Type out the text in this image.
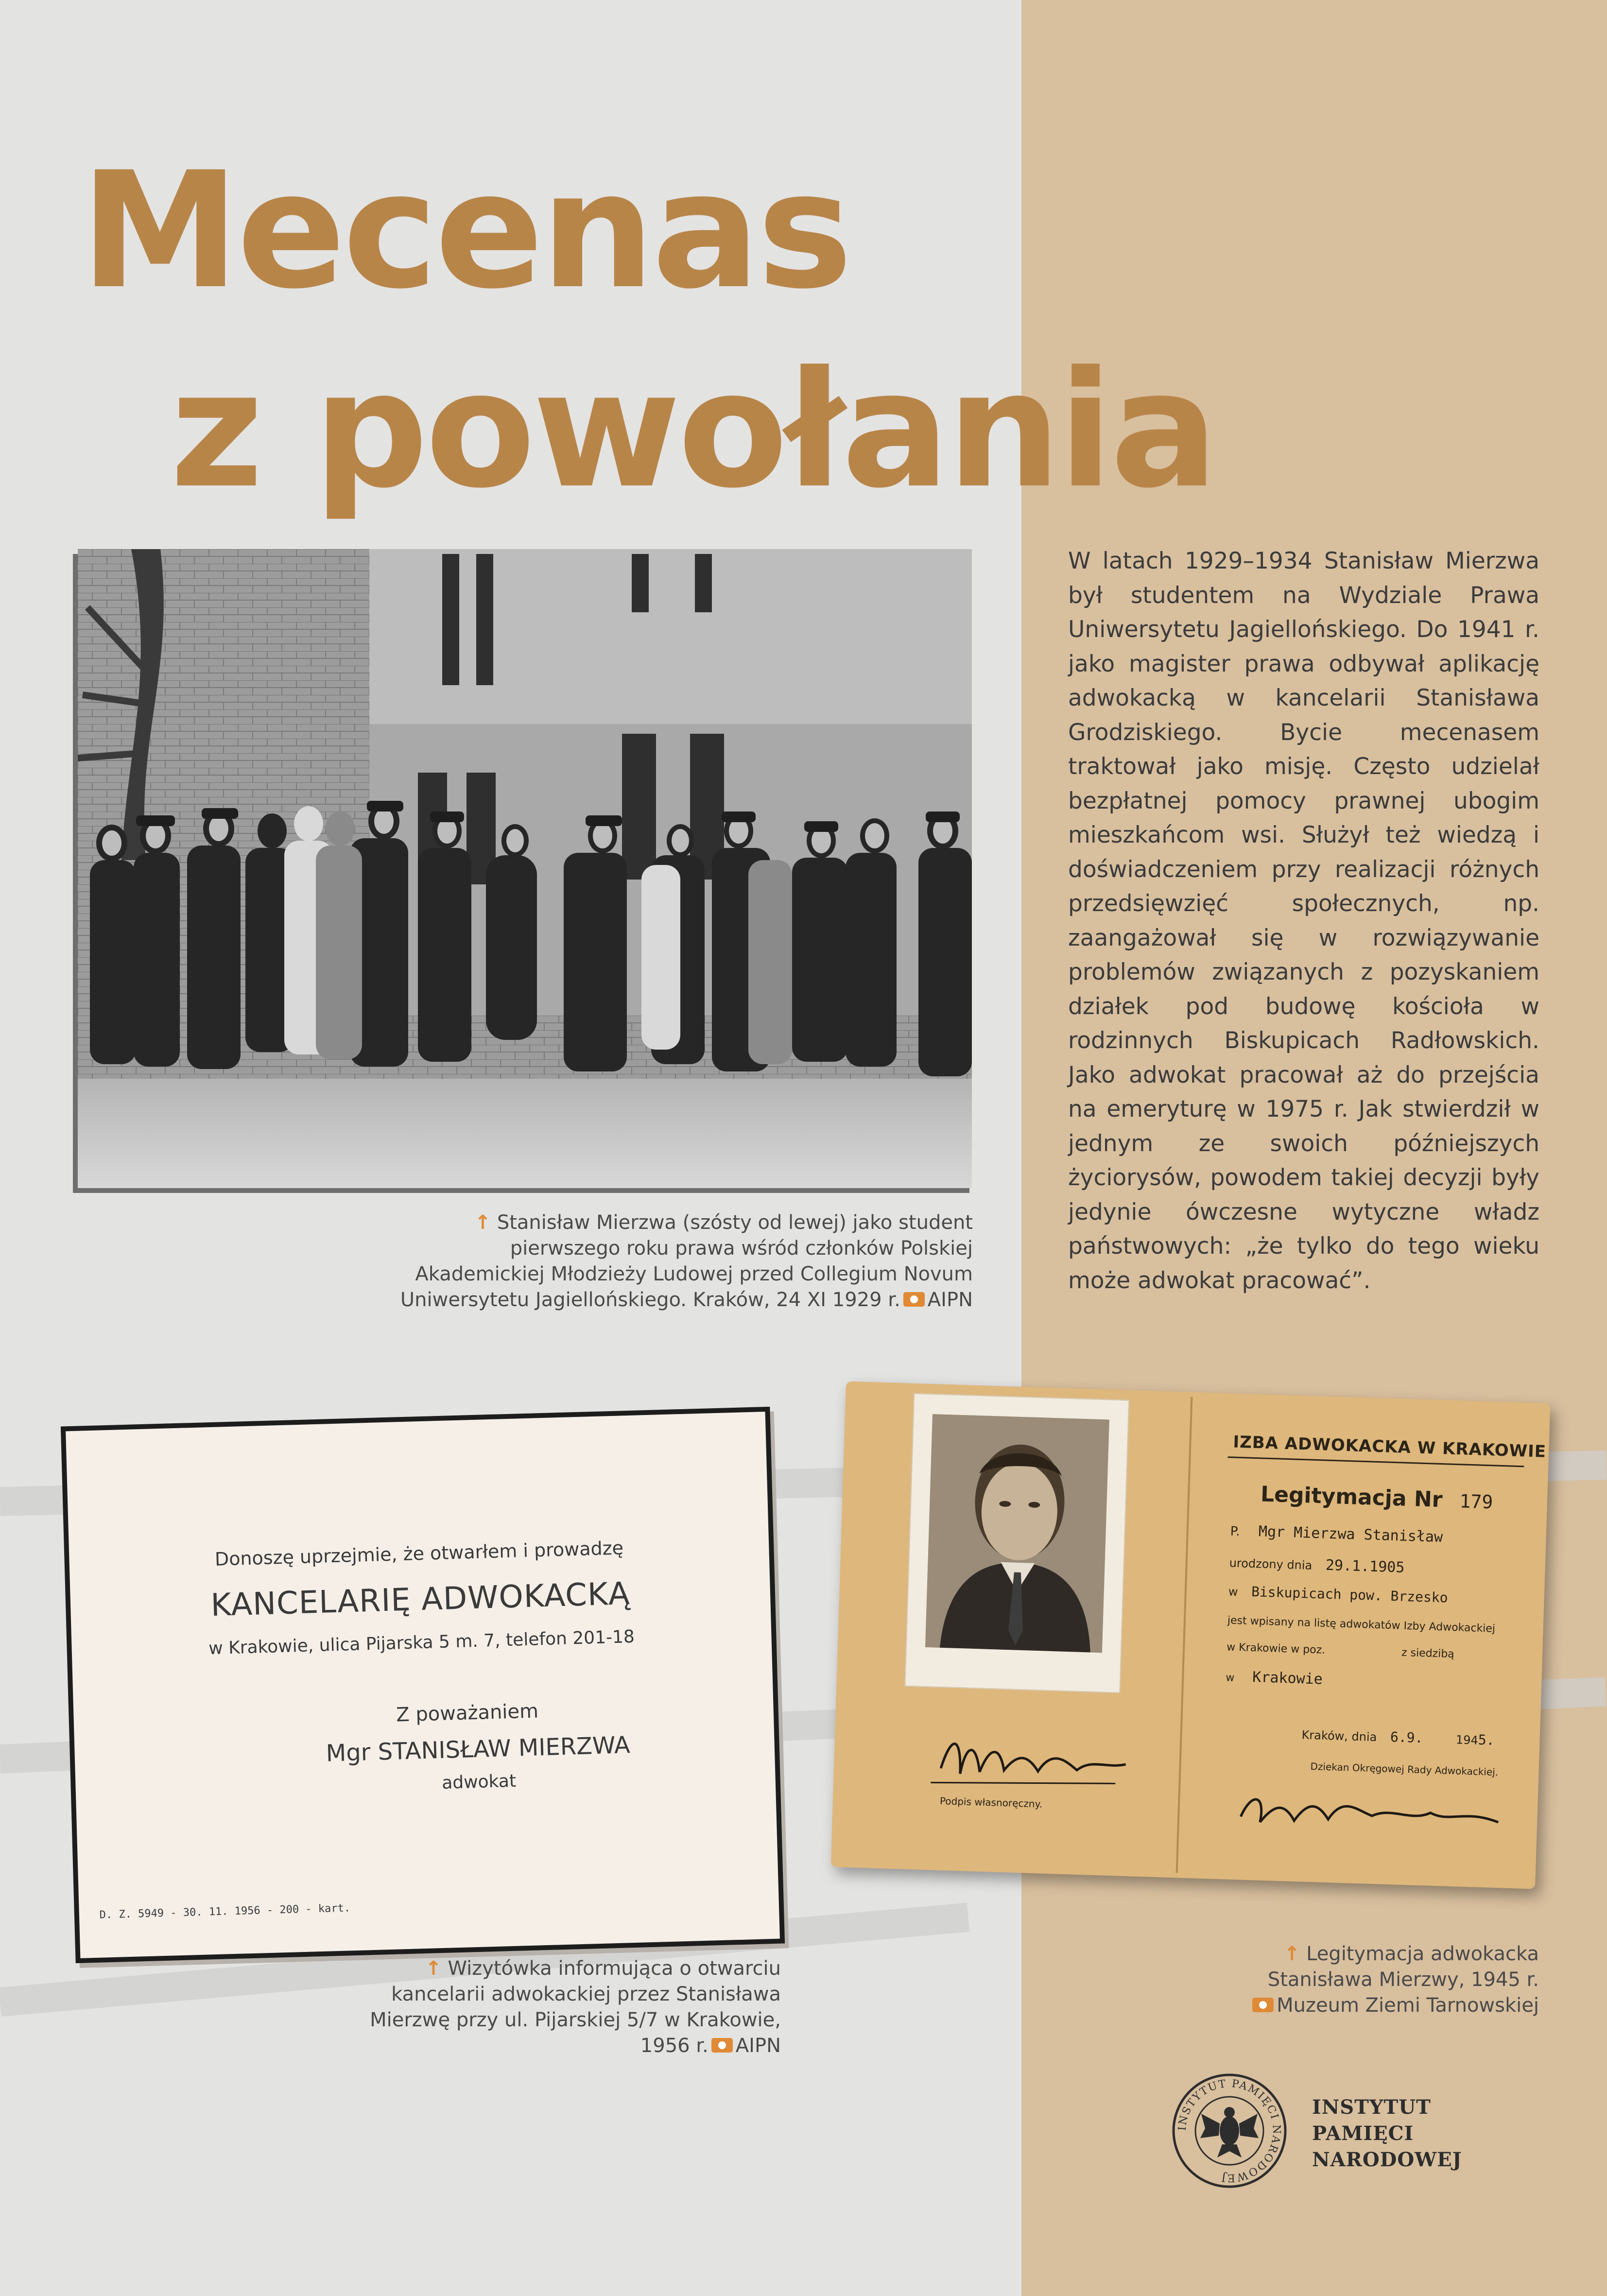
Mecenas
z powołania

W latach 1929–1934 Stanisław Mierzwa był studentem na Wydziale Prawa Uniwersytetu Jagiellońskiego. Do 1941 r. jako magister prawa odbywał aplikację adwokacką w kancelarii Stanisława Grodziskiego. Bycie mecenasem traktował jako misję. Często udzielał bezpłatnej pomocy prawnej ubogim mieszkańcom wsi. Służył też wiedzą i doświadczeniem przy realizacji różnych przedsięwzięć społecznych, np. zaangażował się w rozwiązywanie problemów związanych z pozyskaniem działek pod budowę kościoła w rodzinnych Biskupicach Radłowskich. Jako adwokat pracował aż do przejścia na emeryturę w 1975 r. Jak stwierdził w jednym ze swoich późniejszych życiorysów, powodem takiej decyzji były jedynie ówczesne wytyczne władz państwowych: „że tylko do tego wieku może adwokat pracować”.

↑ Stanisław Mierzwa (szósty od lewej) jako student
pierwszego roku prawa wśród członków Polskiej
Akademickiej Młodzieży Ludowej przed Collegium Novum
Uniwersytetu Jagiellońskiego. Kraków, 24 XI 1929 r. AIPN

Donoszę uprzejmie, że otwarłem i prowadzę

KANCELARIĘ ADWOKACKĄ

w Krakowie, ulica Pijarska 5 m. 7, telefon 201-18

Z poważaniem

Mgr STANISŁAW MIERZWA

adwokat

D. Z. 5949 - 30. 11. 1956 - 200 - kart.

↑ Wizytówka informująca o otwarciu
kancelarii adwokackiej przez Stanisława
Mierzwę przy ul. Pijarskiej 5/7 w Krakowie,
1956 r. AIPN

Podpis własnoręczny.

IZBA ADWOKACKA W KRAKOWIE

Legitymacja Nr 179

P. Mgr Mierzwa Stanisław

urodzony dnia 29.1.1905

w Biskupicach pow. Brzesko

jest wpisany na listę adwokatów Izby Adwokackiej

w Krakowie w poz.	z siedzibą

w Krakowie

Kraków, dnia 6.9.	1945.

Dziekan Okręgowej Rady Adwokackiej.

↑ Legitymacja adwokacka
Stanisława Mierzwy, 1945 r.
Muzeum Ziemi Tarnowskiej
INSTYTUT PAMIĘCI NARODOWEJ
INSTYTUT
PAMIĘCI
NARODOWEJ
